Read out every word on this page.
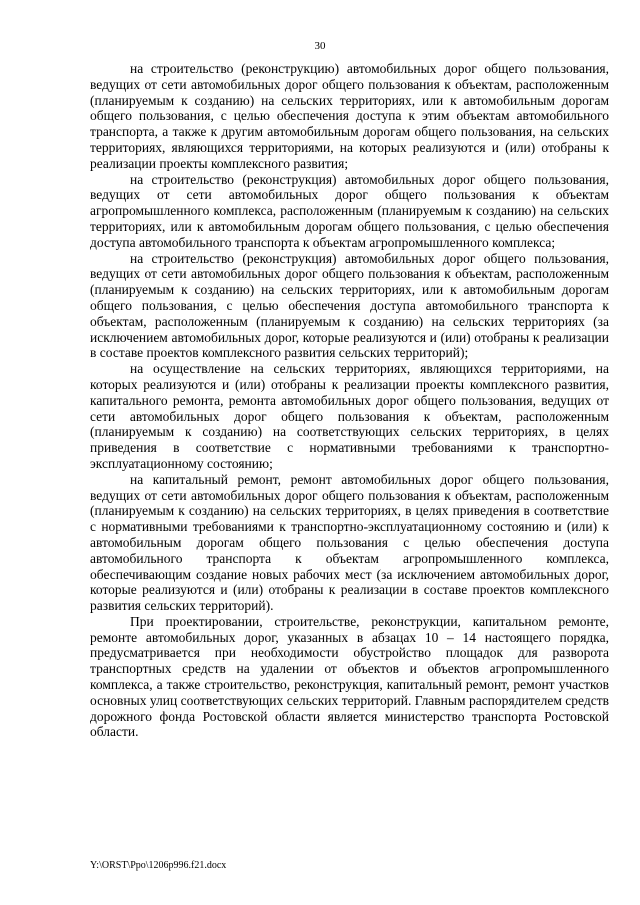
30

на строительство (реконструкцию) автомобильных дорог общего пользования, ведущих от сети автомобильных дорог общего пользования к объектам, расположенным (планируемым к созданию) на сельских территориях, или к автомобильным дорогам общего пользования, с целью обеспечения доступа к этим объектам автомобильного транспорта, а также к другим автомобильным дорогам общего пользования, на сельских территориях, являющихся территориями, на которых реализуются и (или) отобраны к реализации проекты комплексного развития;

на строительство (реконструкция) автомобильных дорог общего пользования, ведущих от сети автомобильных дорог общего пользования к объектам агропромышленного комплекса, расположенным (планируемым к созданию) на сельских территориях, или к автомобильным дорогам общего пользования, с целью обеспечения доступа автомобильного транспорта к объектам агропромышленного комплекса;

на строительство (реконструкция) автомобильных дорог общего пользования, ведущих от сети автомобильных дорог общего пользования к объектам, расположенным (планируемым к созданию) на сельских территориях, или к автомобильным дорогам общего пользования, с целью обеспечения доступа автомобильного транспорта к объектам, расположенным (планируемым к созданию) на сельских территориях (за исключением автомобильных дорог, которые реализуются и (или) отобраны к реализации в составе проектов комплексного развития сельских территорий);

на осуществление на сельских территориях, являющихся территориями, на которых реализуются и (или) отобраны к реализации проекты комплексного развития, капитального ремонта, ремонта автомобильных дорог общего пользования, ведущих от сети автомобильных дорог общего пользования к объектам, расположенным (планируемым к созданию) на соответствующих сельских территориях, в целях приведения в соответствие с нормативными требованиями к транспортно-эксплуатационному состоянию;

на капитальный ремонт, ремонт автомобильных дорог общего пользования, ведущих от сети автомобильных дорог общего пользования к объектам, расположенным (планируемым к созданию) на сельских территориях, в целях приведения в соответствие с нормативными требованиями к транспортно-эксплуатационному состоянию и (или) к автомобильным дорогам общего пользования с целью обеспечения доступа автомобильного транспорта к объектам агропромышленного комплекса, обеспечивающим создание новых рабочих мест (за исключением автомобильных дорог, которые реализуются и (или) отобраны к реализации в составе проектов комплексного развития сельских территорий).

При проектировании, строительстве, реконструкции, капитальном ремонте, ремонте автомобильных дорог, указанных в абзацах 10 – 14 настоящего порядка, предусматривается при необходимости обустройство площадок для разворота транспортных средств на удалении от объектов и объектов агропромышленного комплекса, а также строительство, реконструкция, капитальный ремонт, ремонт участков основных улиц соответствующих сельских территорий. Главным распорядителем средств дорожного фонда Ростовской области является министерство транспорта Ростовской области.

Y:\ORST\Ppo\1206p996.f21.docx
